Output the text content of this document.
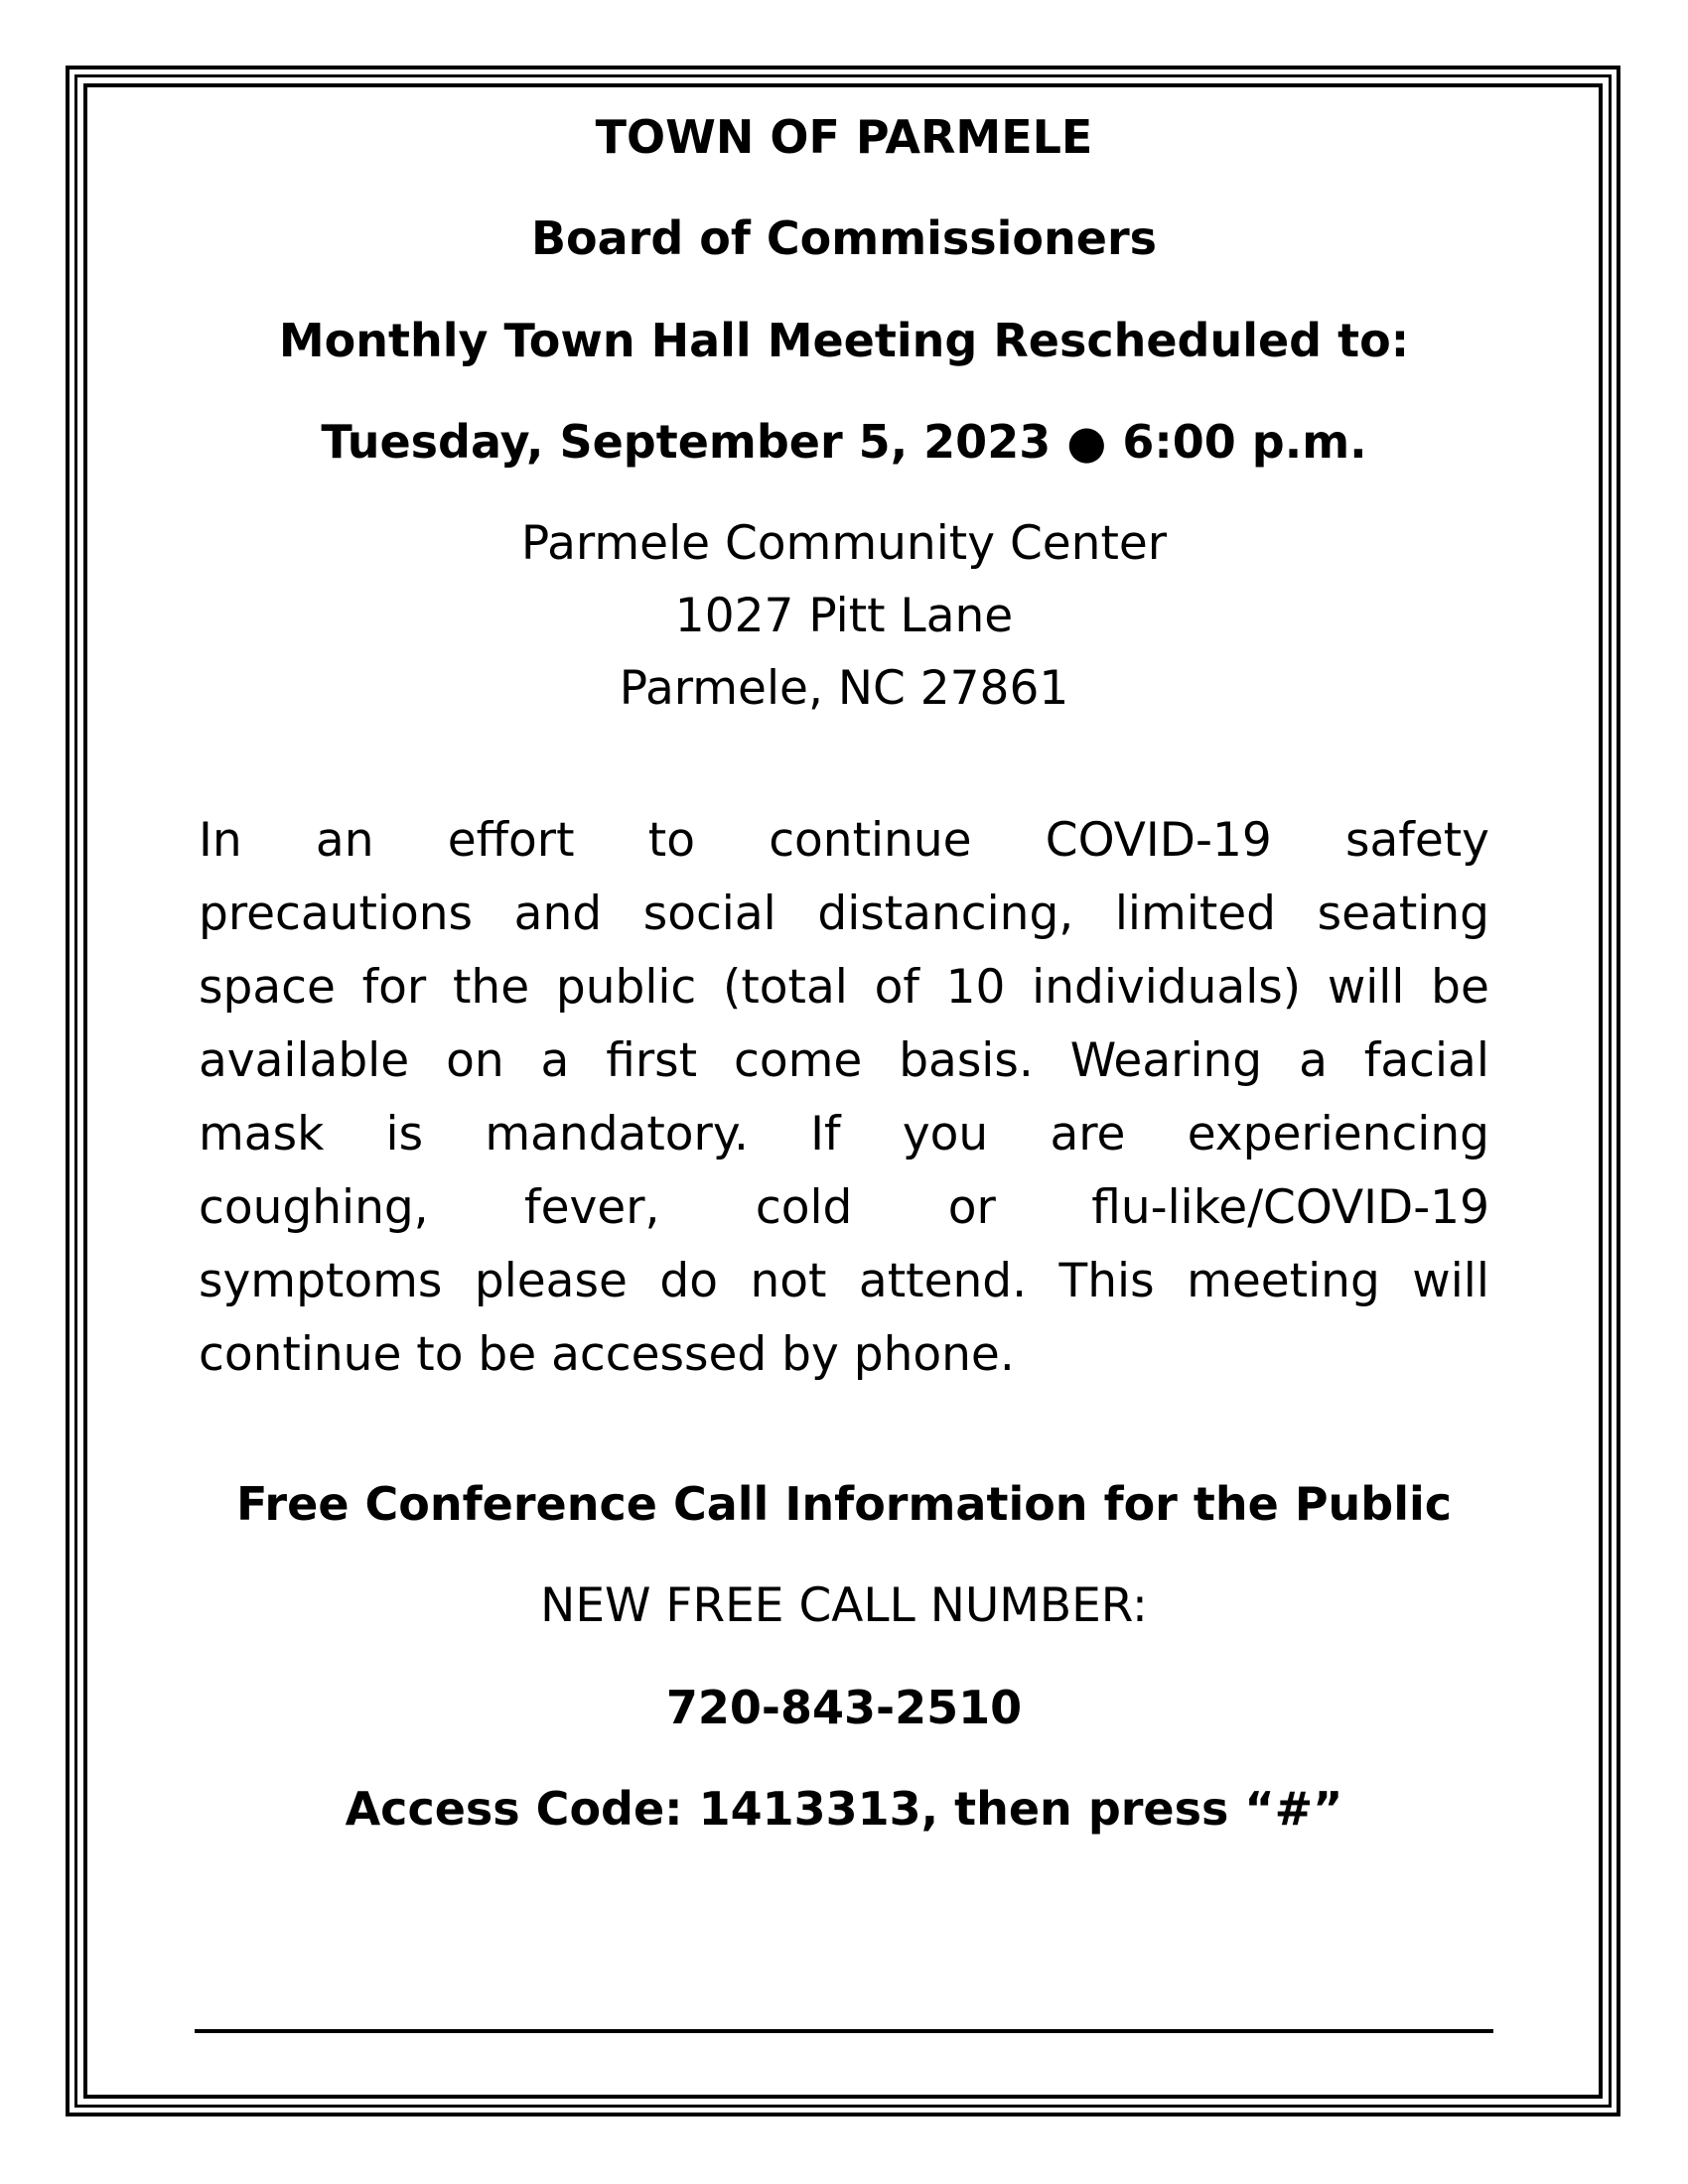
TOWN OF PARMELE
Board of Commissioners
Monthly Town Hall Meeting Rescheduled to:
Tuesday, September 5, 2023 ● 6:00 p.m.
Parmele Community Center
1027 Pitt Lane
Parmele, NC 27861
In an effort to continue COVID-19 safety
precautions and social distancing, limited seating
space for the public (total of 10 individuals) will be
available on a first come basis. Wearing a facial
mask is mandatory. If you are experiencing
coughing, fever, cold or flu-like/COVID-19
symptoms please do not attend. This meeting will
continue to be accessed by phone.
Free Conference Call Information for the Public
NEW FREE CALL NUMBER:
720-843-2510
Access Code: 1413313, then press “#”
